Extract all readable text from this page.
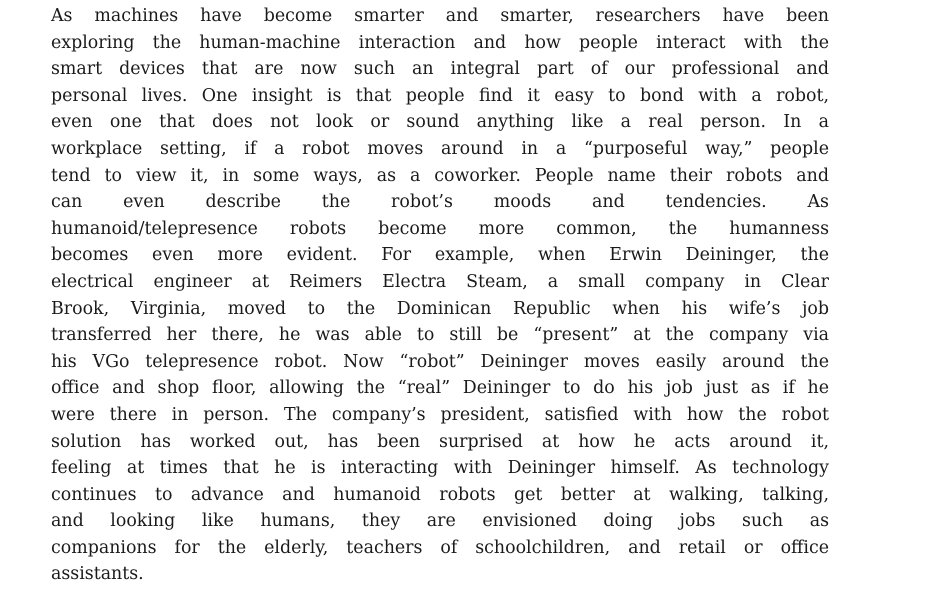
As machines have become smarter and smarter, researchers have been
exploring the human-machine interaction and how people interact with the
smart devices that are now such an integral part of our professional and
personal lives. One insight is that people find it easy to bond with a robot,
even one that does not look or sound anything like a real person. In a
workplace setting, if a robot moves around in a “purposeful way,” people
tend to view it, in some ways, as a coworker. People name their robots and
can even describe the robot’s moods and tendencies. As
humanoid/telepresence robots become more common, the humanness
becomes even more evident. For example, when Erwin Deininger, the
electrical engineer at Reimers Electra Steam, a small company in Clear
Brook, Virginia, moved to the Dominican Republic when his wife’s job
transferred her there, he was able to still be “present” at the company via
his VGo telepresence robot. Now “robot” Deininger moves easily around the
office and shop floor, allowing the “real” Deininger to do his job just as if he
were there in person. The company’s president, satisfied with how the robot
solution has worked out, has been surprised at how he acts around it,
feeling at times that he is interacting with Deininger himself. As technology
continues to advance and humanoid robots get better at walking, talking,
and looking like humans, they are envisioned doing jobs such as
companions for the elderly, teachers of schoolchildren, and retail or office
assistants.
